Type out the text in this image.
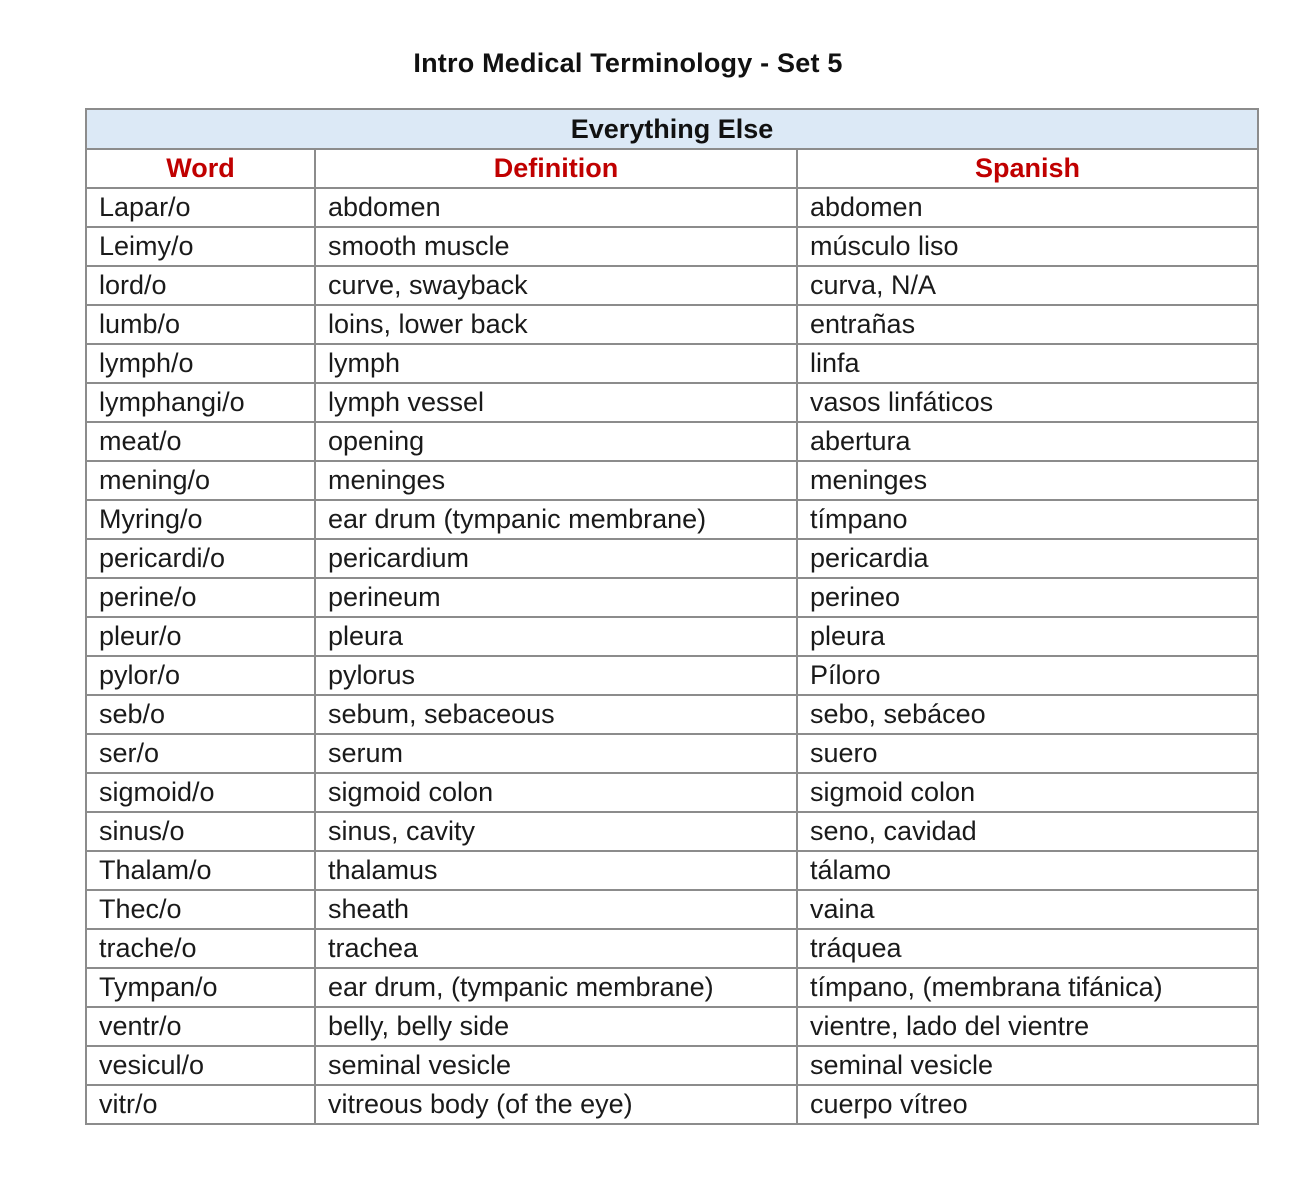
Intro Medical Terminology - Set 5
Everything Else		
Word	Definition	Spanish
Lapar/o	abdomen	abdomen
Leimy/o	smooth muscle	músculo liso
lord/o	curve, swayback	curva, N/A
lumb/o	loins, lower back	entrañas
lymph/o	lymph	linfa
lymphangi/o	lymph vessel	vasos linfáticos
meat/o	opening	abertura
mening/o	meninges	meninges
Myring/o	ear drum (tympanic membrane)	tímpano
pericardi/o	pericardium	pericardia
perine/o	perineum	perineo
pleur/o	pleura	pleura
pylor/o	pylorus	Píloro
seb/o	sebum, sebaceous	sebo, sebáceo
ser/o	serum	suero
sigmoid/o	sigmoid colon	sigmoid colon
sinus/o	sinus, cavity	seno, cavidad
Thalam/o	thalamus	tálamo
Thec/o	sheath	vaina
trache/o	trachea	tráquea
Tympan/o	ear drum, (tympanic membrane)	tímpano, (membrana tifánica)
ventr/o	belly, belly side	vientre, lado del vientre
vesicul/o	seminal vesicle	seminal vesicle
vitr/o	vitreous body (of the eye)	cuerpo vítreo
